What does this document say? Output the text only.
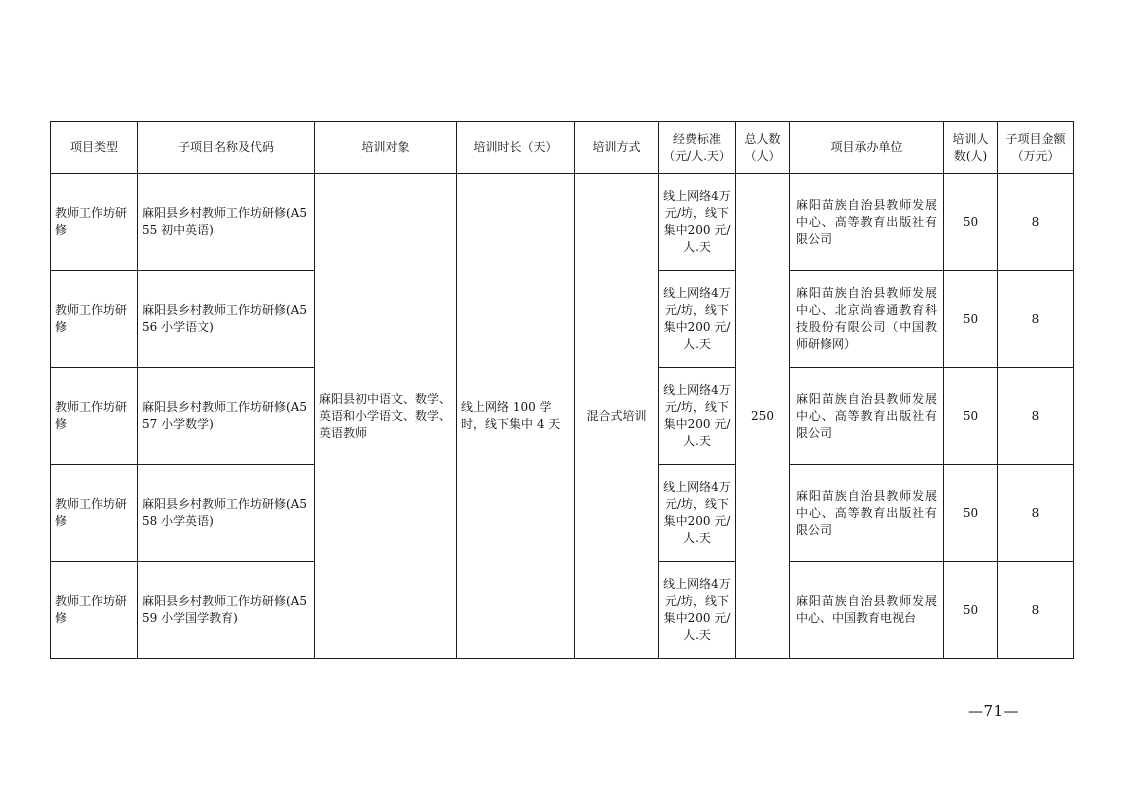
项目类型	子项目名称及代码	培训对象	培训时长（天）	培训方式	经费标准（元/人.天）	总人数（人）	项目承办单位	培训人数(人)	子项目金额（万元）
教师工作坊研修	麻阳县乡村教师工作坊研修(A555 初中英语)	麻阳县初中语文、数学、英语和小学语文、数学、英语教师	线上网络 100 学时，线下集中 4 天	混合式培训	线上网络4万元/坊，线下集中200 元/人.天	250	麻阳苗族自治县教师发展中心、高等教育出版社有限公司	50	8
教师工作坊研修	麻阳县乡村教师工作坊研修(A556 小学语文)				线上网络4万元/坊，线下集中200 元/人.天		麻阳苗族自治县教师发展中心、北京尚睿通教育科技股份有限公司（中国教师研修网）	50	8
教师工作坊研修	麻阳县乡村教师工作坊研修(A557 小学数学)				线上网络4万元/坊，线下集中200 元/人.天		麻阳苗族自治县教师发展中心、高等教育出版社有限公司	50	8
教师工作坊研修	麻阳县乡村教师工作坊研修(A558 小学英语)				线上网络4万元/坊，线下集中200 元/人.天		麻阳苗族自治县教师发展中心、高等教育出版社有限公司	50	8
教师工作坊研修	麻阳县乡村教师工作坊研修(A559 小学国学教育)				线上网络4万元/坊，线下集中200 元/人.天		麻阳苗族自治县教师发展中心、中国教育电视台	50	8
—71—
